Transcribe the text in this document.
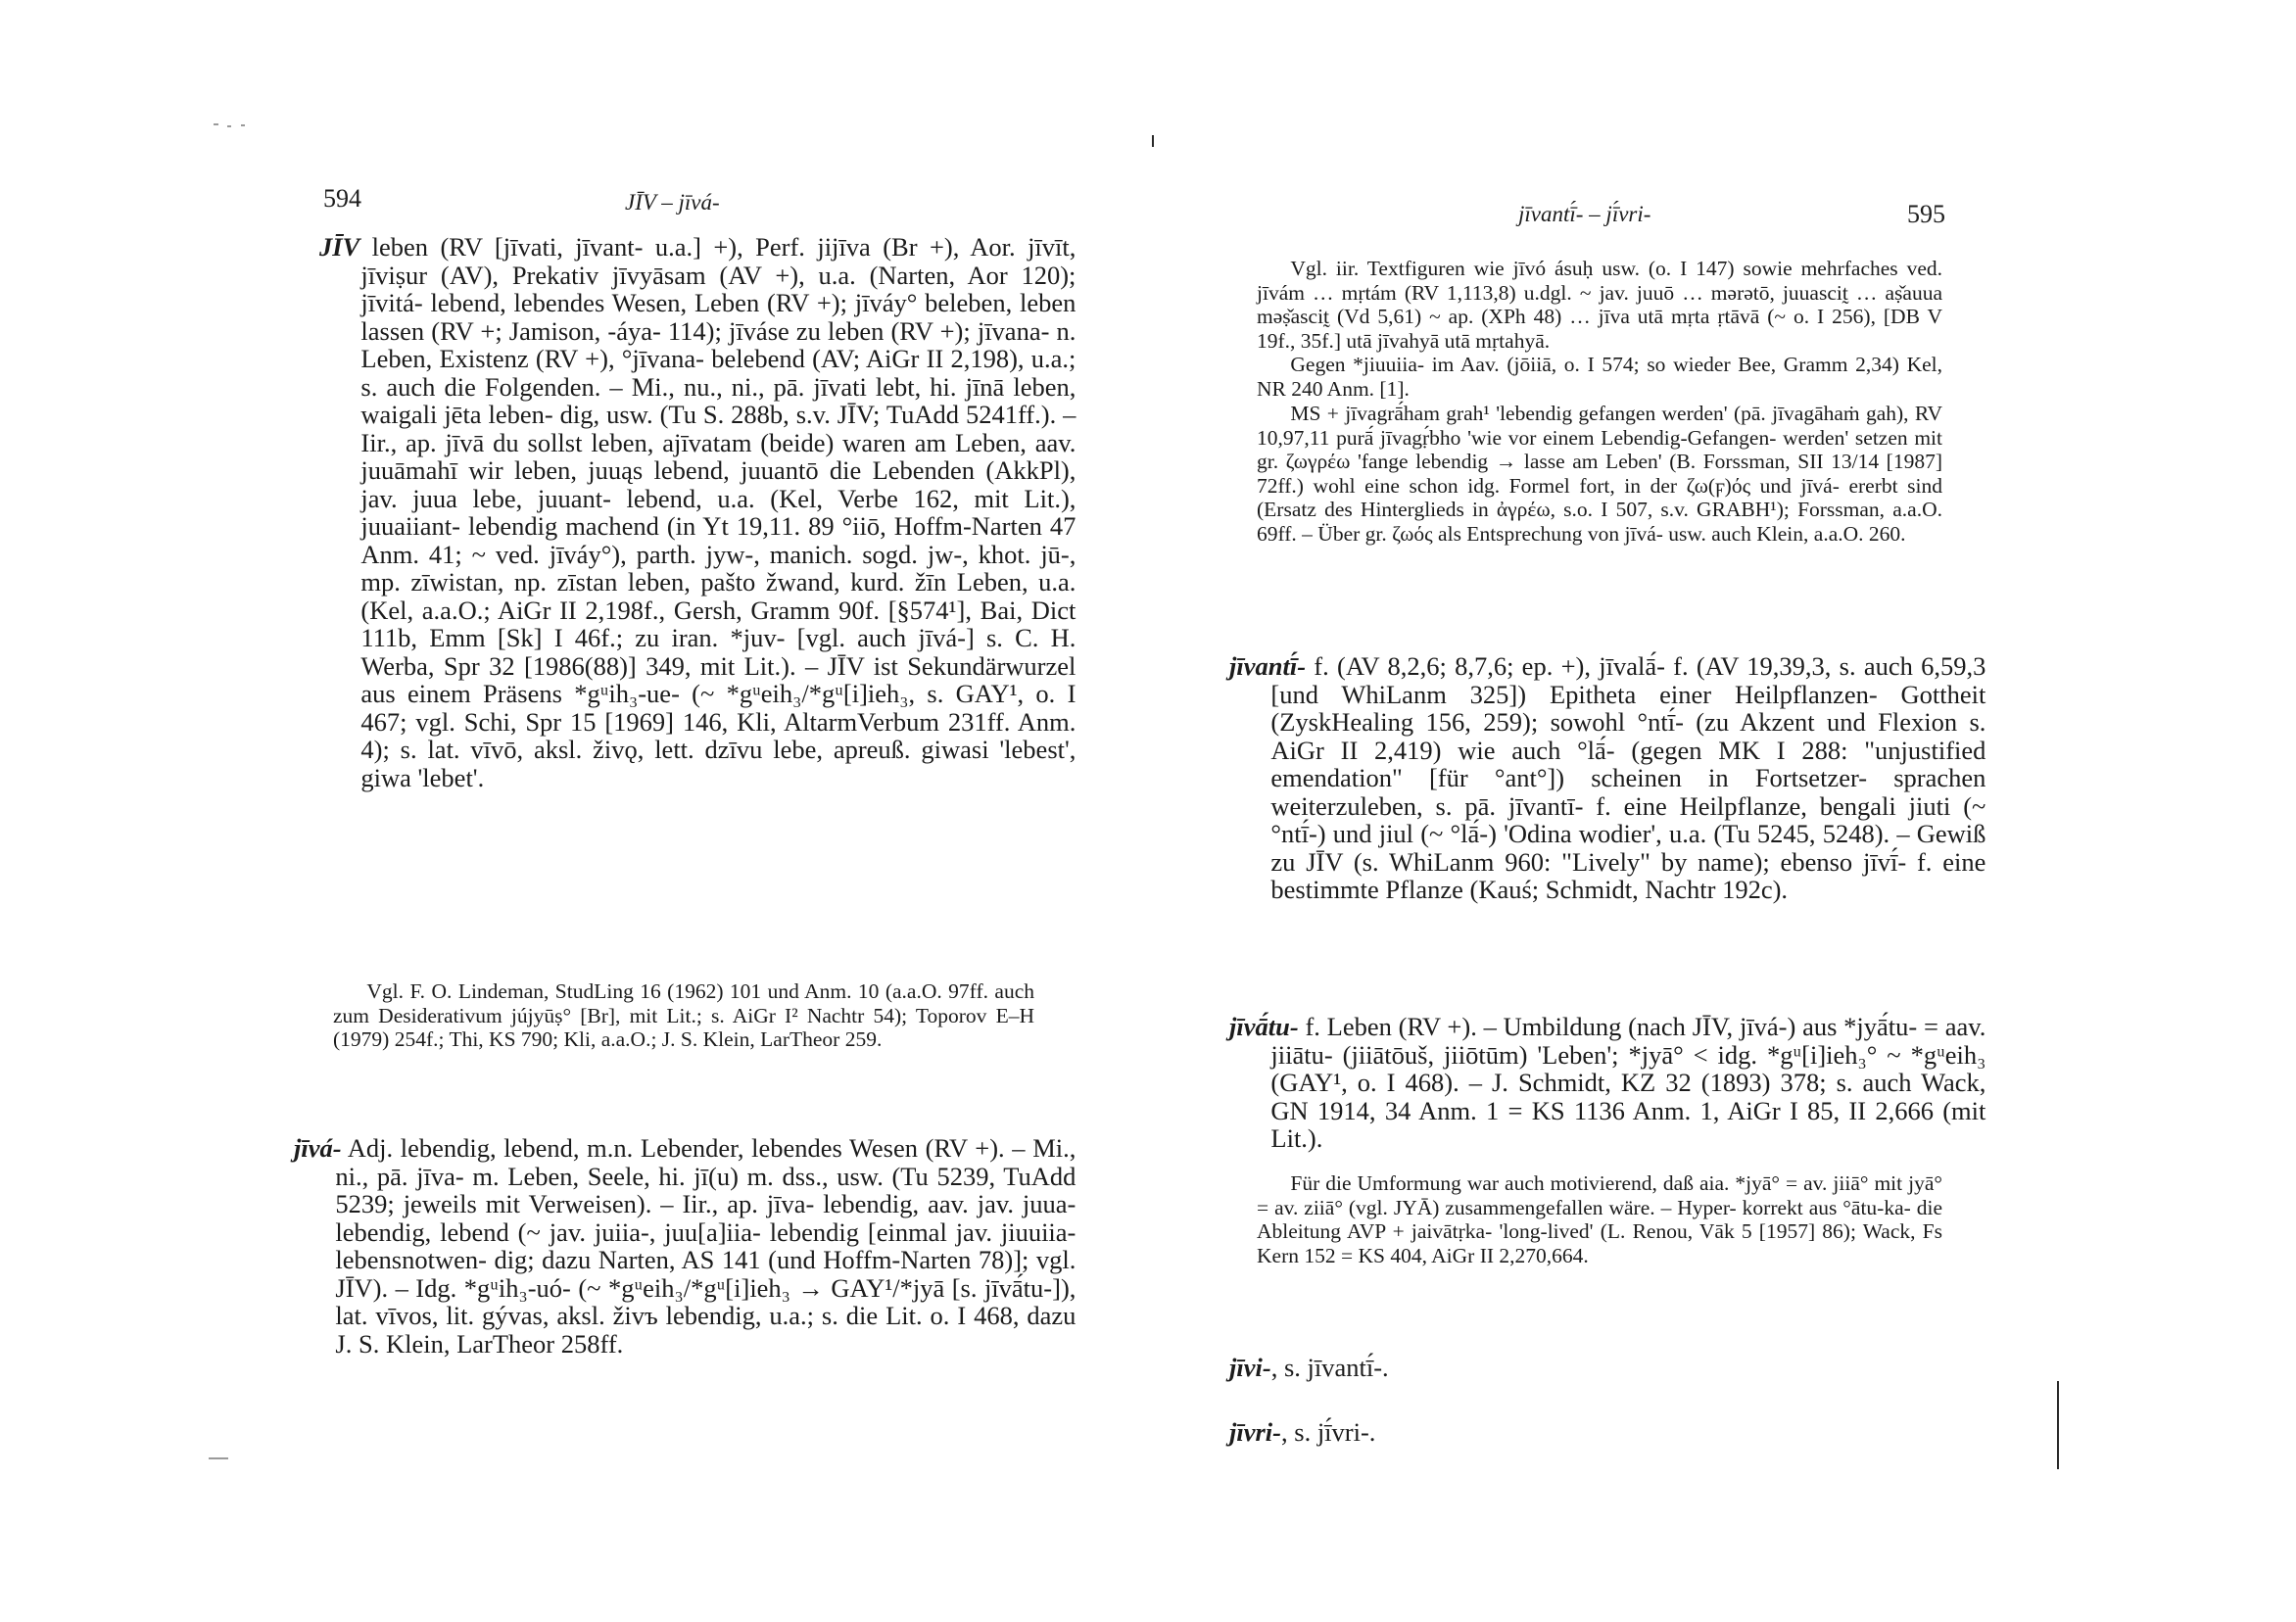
594	JĪV – jīvá-
JĪV leben (RV [jīvati, jīvant- u.a.] +), Perf. jijīva (Br +), Aor. jīvīt, jīviṣur (AV), Prekativ jīvyāsam (AV +), u.a. (Narten, Aor 120); jīvitá- lebend, lebendes Wesen, Leben (RV +); jīváy° beleben, leben lassen (RV +; Jamison, -áya- 114); jīváse zu leben (RV +); jīvana- n. Leben, Existenz (RV +), °jīvana- belebend (AV; AiGr II 2,198), u.a.; s. auch die Folgenden. – Mi., nu., ni., pā. jīvati lebt, hi. jīnā leben, waigali jēta leben- dig, usw. (Tu S. 288b, s.v. JĪV; TuAdd 5241ff.). – Iir., ap. jīvā du sollst leben, ajīvatam (beide) waren am Leben, aav. juuāmahī wir leben, juuąs lebend, juuantō die Lebenden (AkkPl), jav. juua lebe, juuant- lebend, u.a. (Kel, Verbe 162, mit Lit.), juuaiiant- lebendig machend (in Yt 19,11. 89 °iiō, Hoffm-Narten 47 Anm. 41; ~ ved. jīváy°), parth. jyw-, manich. sogd. jw-, khot. jū-, mp. zīwistan, np. zīstan leben, pašto žwand, kurd. žīn Leben, u.a. (Kel, a.a.O.; AiGr II 2,198f., Gersh, Gramm 90f. [§574¹], Bai, Dict 111b, Emm [Sk] I 46f.; zu iran. *juv- [vgl. auch jīvá-] s. C. H. Werba, Spr 32 [1986(88)] 349, mit Lit.). – JĪV ist Sekundärwurzel aus einem Präsens *gᵘih₃-ue- (~ *gᵘeih₃/*gᵘ[i]ieh₃, s. GAY¹, o. I 467; vgl. Schi, Spr 15 [1969] 146, Kli, AltarmVerbum 231ff. Anm. 4); s. lat. vīvō, aksl. živǫ, lett. dzīvu lebe, apreuß. giwasi 'lebest', giwa 'lebet'.
Vgl. F. O. Lindeman, StudLing 16 (1962) 101 und Anm. 10 (a.a.O. 97ff. auch zum Desiderativum jújyūṣ° [Br], mit Lit.; s. AiGr I² Nachtr 54); Toporov E–H (1979) 254f.; Thi, KS 790; Kli, a.a.O.; J. S. Klein, LarTheor 259.
jīvá- Adj. lebendig, lebend, m.n. Lebender, lebendes Wesen (RV +). – Mi., ni., pā. jīva- m. Leben, Seele, hi. jī(u) m. dss., usw. (Tu 5239, TuAdd 5239; jeweils mit Verweisen). – Iir., ap. jīva- lebendig, aav. jav. juua- lebendig, lebend (~ jav. juiia-, juu[a]iia- lebendig [einmal jav. jiuuiia- lebensnotwen- dig; dazu Narten, AS 141 (und Hoffm-Narten 78)]; vgl. JĪV). – Idg. *gᵘih₃-uó- (~ *gᵘeih₃/*gᵘ[i]ieh₃ → GAY¹/*jyā [s. jīvā́tu-]), lat. vīvos, lit. gývas, aksl. živъ lebendig, u.a.; s. die Lit. o. I 468, dazu J. S. Klein, LarTheor 258ff.
jīvantī́- – jī́vri-	595
Vgl. iir. Textfiguren wie jīvó ásuḥ usw. (o. I 147) sowie mehrfaches ved. jīvám … mṛtám (RV 1,113,8) u.dgl. ~ jav. juuō … mərətō, juuascit̰ … aṣ̌auua məṣ̌ascit̰ (Vd 5,61) ~ ap. (XPh 48) … jīva utā mṛta ṛtāvā (~ o. I 256), [DB V 19f., 35f.] utā jīvahyā utā mṛtahyā.
Gegen *jiuuiia- im Aav. (jōiiā, o. I 574; so wieder Bee, Gramm 2,34) Kel, NR 240 Anm. [1].
MS + jīvagrā́ham grah¹ 'lebendig gefangen werden' (pā. jīvagāhaṁ gah), RV 10,97,11 purā́ jīvagṛ́bho 'wie vor einem Lebendig-Gefangen- werden' setzen mit gr. ζωγρέω 'fange lebendig → lasse am Leben' (B. Forssman, SII 13/14 [1987] 72ff.) wohl eine schon idg. Formel fort, in der ζω(ϝ)ός und jīvá- ererbt sind (Ersatz des Hinterglieds in ἀγρέω, s.o. I 507, s.v. GRABH¹); Forssman, a.a.O. 69ff. – Über gr. ζωός als Entsprechung von jīvá- usw. auch Klein, a.a.O. 260.
jīvantī́- f. (AV 8,2,6; 8,7,6; ep. +), jīvalā́- f. (AV 19,39,3, s. auch 6,59,3 [und WhiLanm 325]) Epitheta einer Heilpflanzen- Gottheit (ZyskHealing 156, 259); sowohl °ntī́- (zu Akzent und Flexion s. AiGr II 2,419) wie auch °lā́- (gegen MK I 288: "unjustified emendation" [für °ant°]) scheinen in Fortsetzer- sprachen weiterzuleben, s. pā. jīvantī- f. eine Heilpflanze, bengali jiuti (~ °ntī́-) und jiul (~ °lā́-) 'Odina wodier', u.a. (Tu 5245, 5248). – Gewiß zu JĪV (s. WhiLanm 960: "Lively" by name); ebenso jīvī́- f. eine bestimmte Pflanze (Kauś; Schmidt, Nachtr 192c).
jīvā́tu- f. Leben (RV +). – Umbildung (nach JĪV, jīvá-) aus *jyā́tu- = aav. jiiātu- (jiiātōuš, jiiōtūm) 'Leben'; *jyā° < idg. *gᵘ[i]ieh₃° ~ *gᵘeih₃ (GAY¹, o. I 468). – J. Schmidt, KZ 32 (1893) 378; s. auch Wack, GN 1914, 34 Anm. 1 = KS 1136 Anm. 1, AiGr I 85, II 2,666 (mit Lit.).
Für die Umformung war auch motivierend, daß aia. *jyā° = av. jiiā° mit jyā° = av. ziiā° (vgl. JYĀ) zusammengefallen wäre. – Hyper- korrekt aus °ātu-ka- die Ableitung AVP + jaivātṛka- 'long-lived' (L. Renou, Vāk 5 [1957] 86); Wack, Fs Kern 152 = KS 404, AiGr II 2,270,664.
jīvi-, s. jīvantī́-.
jīvri-, s. jī́vri-.
